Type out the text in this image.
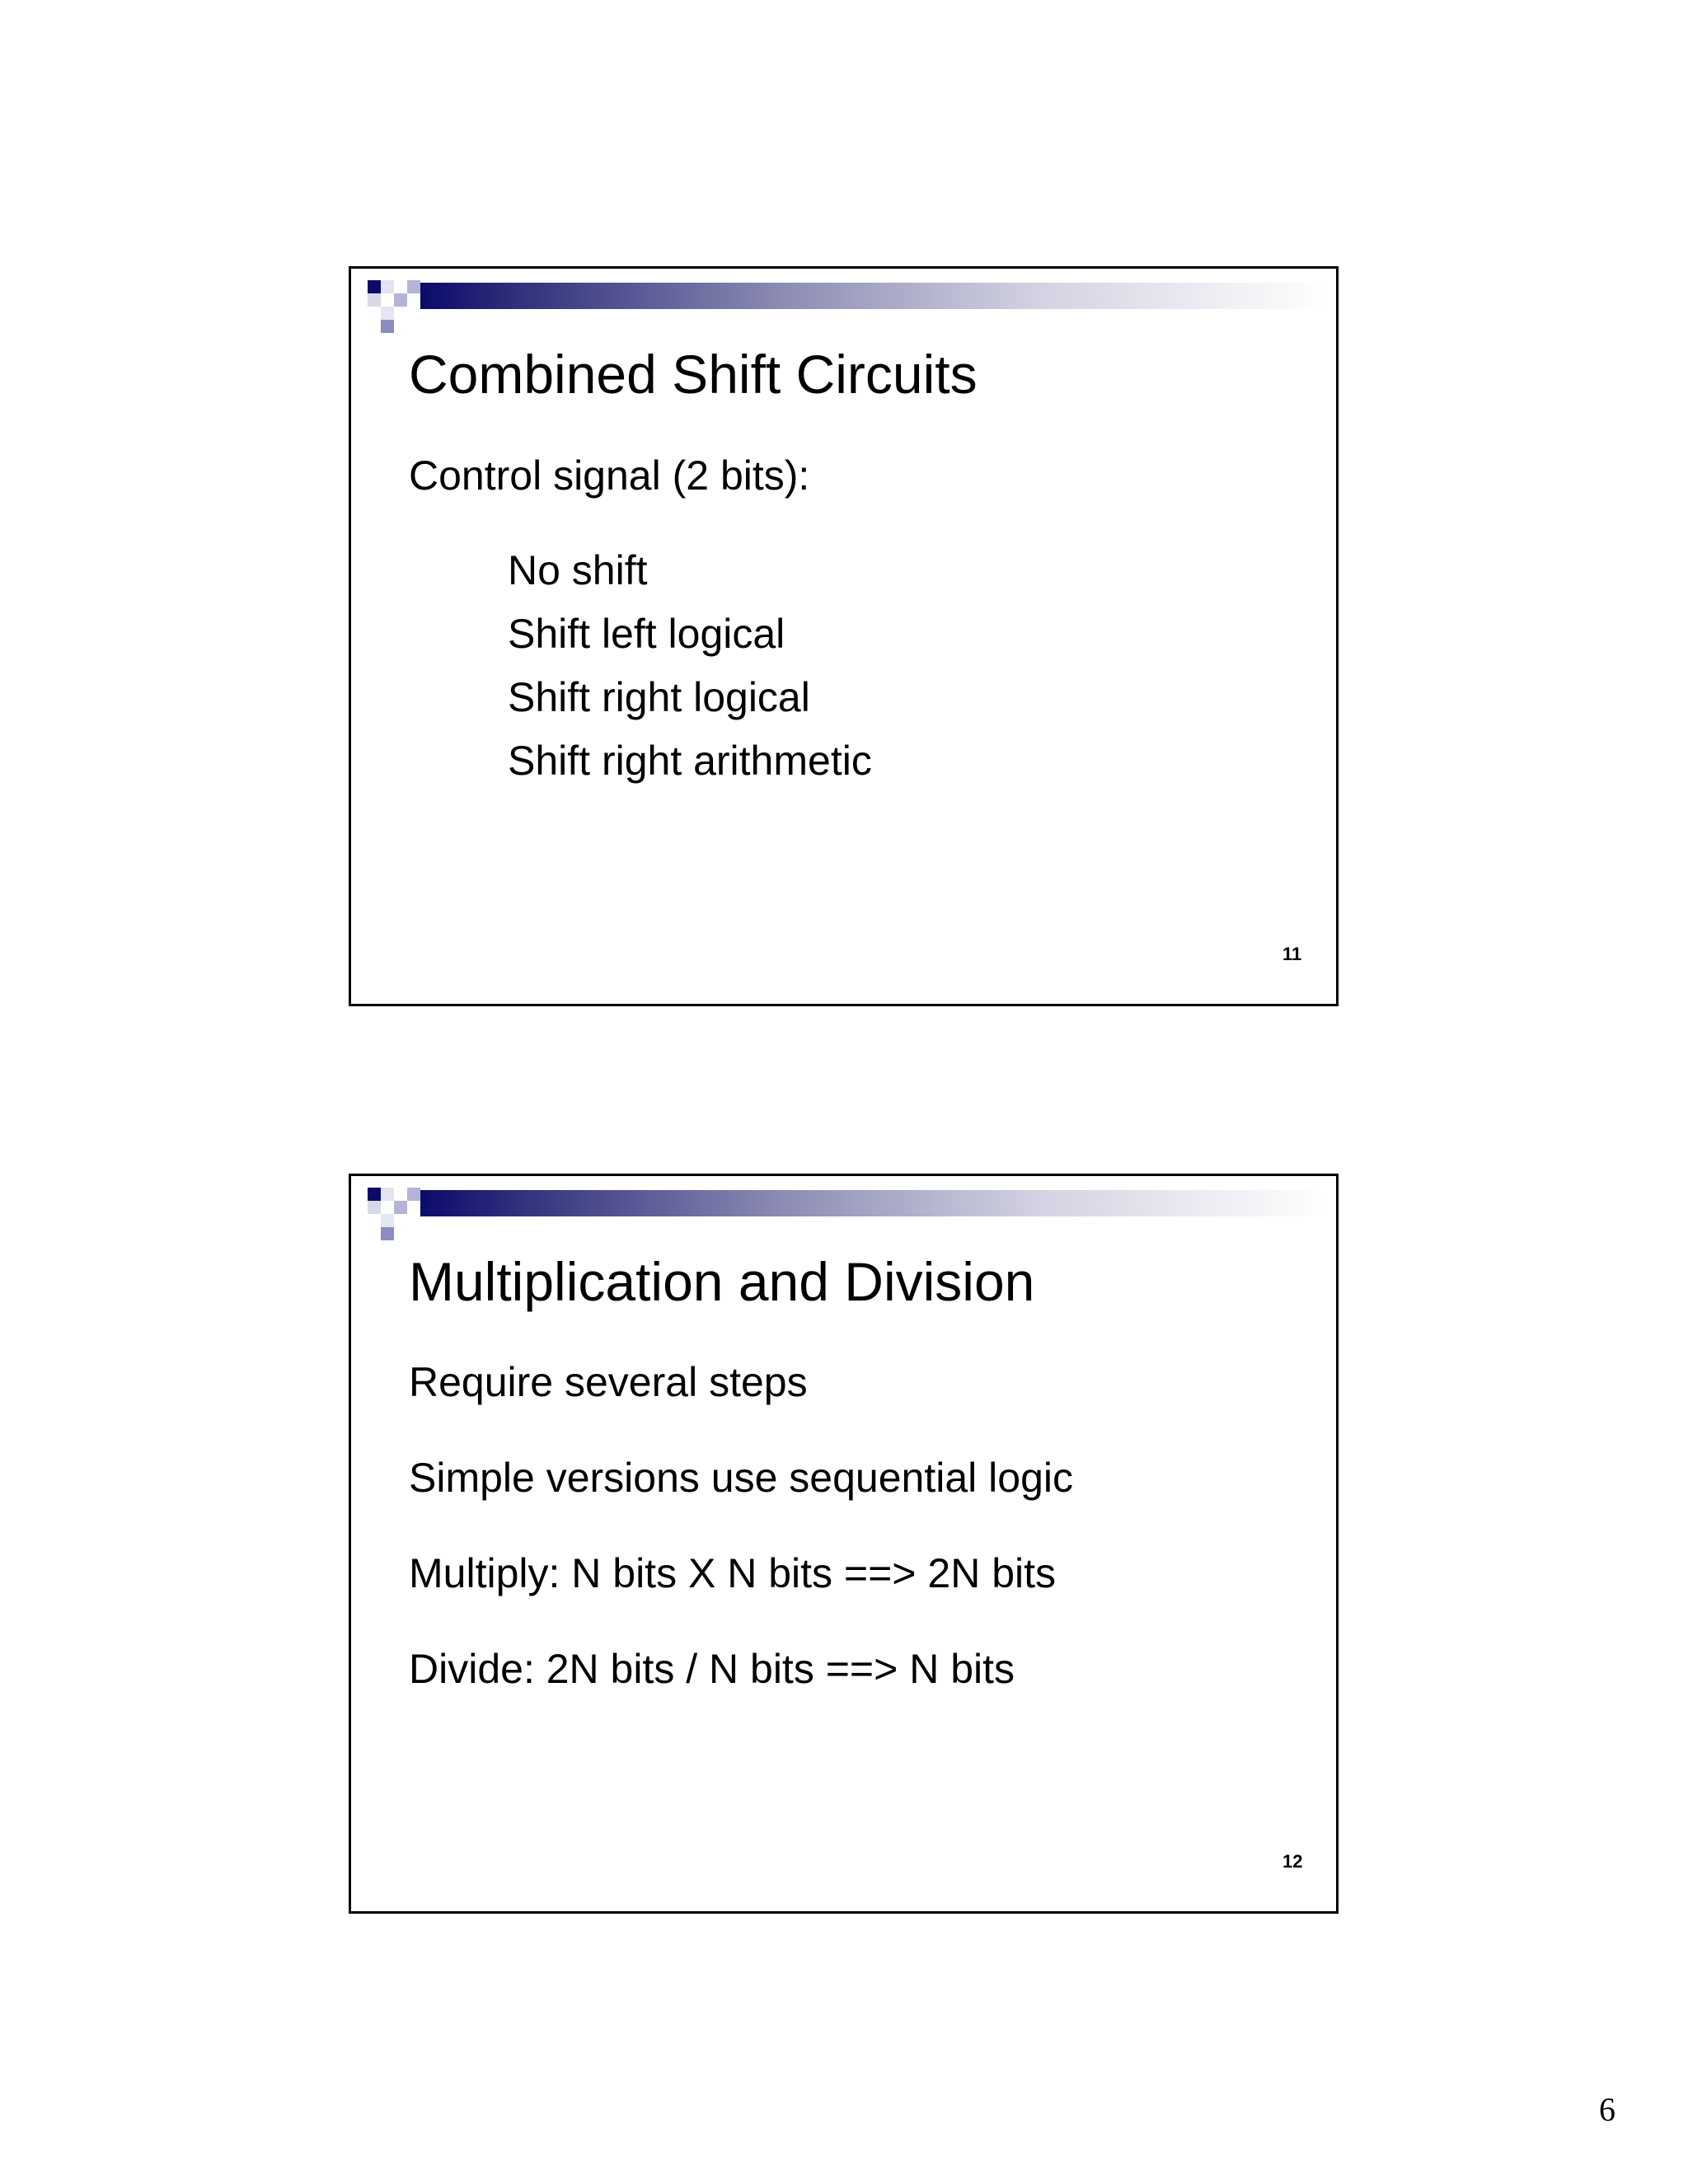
Combined Shift Circuits
Control signal (2 bits):
No shift
Shift left logical
Shift right logical
Shift right arithmetic
11
Multiplication and Division
Require several steps
Simple versions use sequential logic
Multiply: N bits X N bits ==> 2N bits
Divide: 2N bits / N bits ==> N bits
12
6
